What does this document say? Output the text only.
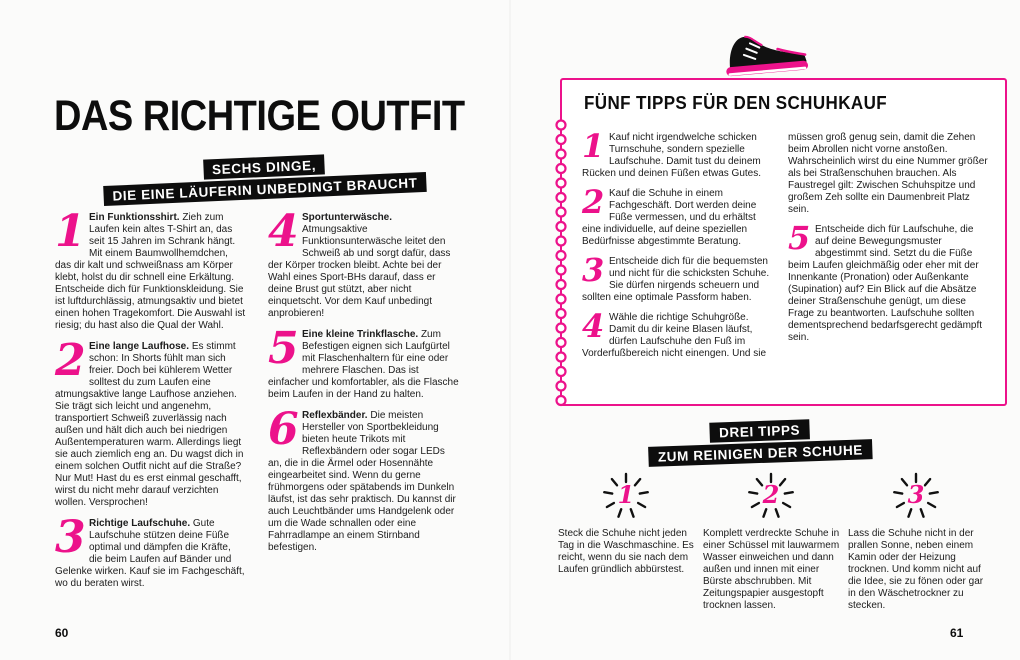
DAS RICHTIGE OUTFIT
SECHS DINGE,
DIE EINE LÄUFERIN UNBEDINGT BRAUCHT

1 Ein Funktionsshirt. Zieh zum Laufen kein altes T-Shirt an, das seit 15 Jahren im Schrank hängt. Mit einem Baumwollhemdchen, das dir kalt und schweißnass am Körper klebt, holst du dir schnell eine Erkältung. Entscheide dich für Funktionskleidung. Sie ist luftdurchlässig, atmungsaktiv und bietet einen hohen Tragekomfort. Die Auswahl ist riesig; du hast also die Qual der Wahl.

2 Eine lange Laufhose. Es stimmt schon: In Shorts fühlt man sich freier. Doch bei kühlerem Wetter solltest du zum Laufen eine atmungsaktive lange Laufhose anziehen. Sie trägt sich leicht und angenehm, transportiert Schweiß zuverlässig nach außen und hält dich auch bei niedrigen Außentemperaturen warm. Allerdings liegt sie auch ziemlich eng an. Du wagst dich in einem solchen Outfit nicht auf die Straße? Nur Mut! Hast du es erst einmal geschafft, wirst du nicht mehr darauf verzichten wollen. Versprochen!

3 Richtige Laufschuhe. Gute Laufschuhe stützen deine Füße optimal und dämpfen die Kräfte, die beim Laufen auf Bänder und Gelenke wirken. Kauf sie im Fachgeschäft, wo du beraten wirst.

4 Sportunterwäsche. Atmungsaktive Funktionsunterwäsche leitet den Schweiß ab und sorgt dafür, dass der Körper trocken bleibt. Achte bei der Wahl eines Sport-BHs darauf, dass er deine Brust gut stützt, aber nicht einquetscht. Vor dem Kauf unbedingt anprobieren!

5 Eine kleine Trinkflasche. Zum Befestigen eignen sich Laufgürtel mit Flaschenhaltern für eine oder mehrere Flaschen. Das ist einfacher und komfortabler, als die Flasche beim Laufen in der Hand zu halten.

6 Reflexbänder. Die meisten Hersteller von Sportbekleidung bieten heute Trikots mit Reflexbändern oder sogar LEDs an, die in die Ärmel oder Hosennähte eingearbeitet sind. Wenn du gerne frühmorgens oder spätabends im Dunkeln läufst, ist das sehr praktisch. Du kannst dir auch Leuchtbänder ums Handgelenk oder um die Wade schnallen oder eine Fahrradlampe an einem Stirnband befestigen.

60
FÜNF TIPPS FÜR DEN SCHUHKAUF

1 Kauf nicht irgendwelche schicken Turnschuhe, sondern spezielle Laufschuhe. Damit tust du deinem Rücken und deinen Füßen etwas Gutes.

2 Kauf die Schuhe in einem Fachgeschäft. Dort werden deine Füße vermessen, und du erhältst eine individuelle, auf deine speziellen Bedürfnisse abgestimmte Beratung.

3 Entscheide dich für die bequemsten und nicht für die schicksten Schuhe. Sie dürfen nirgends scheuern und sollten eine optimale Passform haben.

4 Wähle die richtige Schuhgröße. Damit du dir keine Blasen läufst, dürfen Laufschuhe den Fuß im Vorderfußbereich nicht einengen. Und sie

müssen groß genug sein, damit die Zehen beim Abrollen nicht vorne anstoßen. Wahrscheinlich wirst du eine Nummer größer als bei Straßenschuhen brauchen. Als Faustregel gilt: Zwischen Schuhspitze und großem Zeh sollte ein Daumenbreit Platz sein.

5 Entscheide dich für Laufschuhe, die auf deine Bewegungsmuster abgestimmt sind. Setzt du die Füße beim Laufen gleichmäßig oder eher mit der Innenkante (Pronation) oder Außenkante (Supination) auf? Ein Blick auf die Absätze deiner Straßenschuhe genügt, um diese Frage zu beantworten. Laufschuhe sollten dementsprechend bedarfsgerecht gedämpft sein.

DREI TIPPS
ZUM REINIGEN DER SCHUHE
1	2	3

Steck die Schuhe nicht jeden Tag in die Waschmaschine. Es reicht, wenn du sie nach dem Laufen gründlich abbürstest.

Komplett verdreckte Schuhe in einer Schüssel mit lauwarmem Wasser einweichen und dann außen und innen mit einer Bürste abschrubben. Mit Zeitungspapier ausgestopft trocknen lassen.

Lass die Schuhe nicht in der prallen Sonne, neben einem Kamin oder der Heizung trocknen. Und komm nicht auf die Idee, sie zu fönen oder gar in den Wäschetrockner zu stecken.

61
